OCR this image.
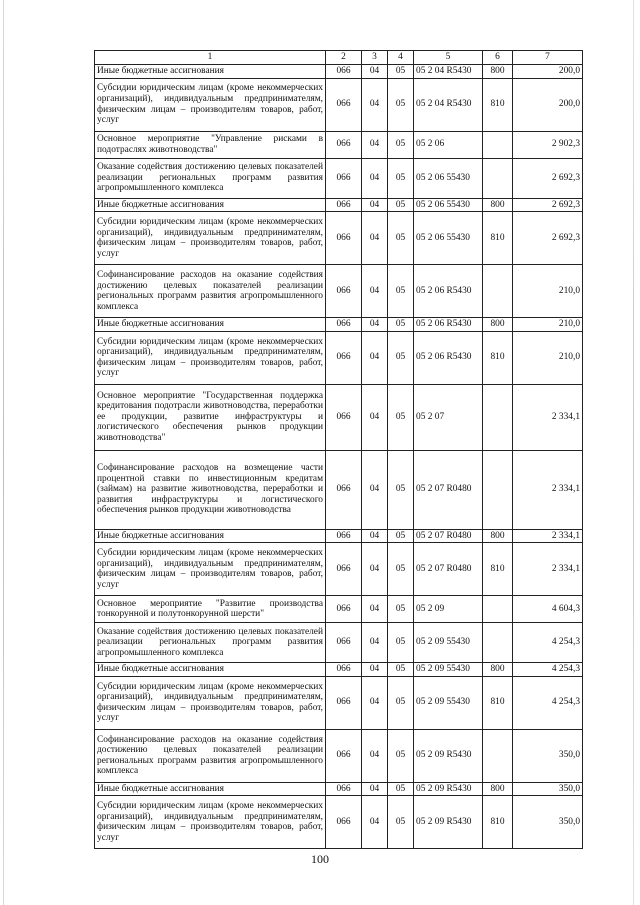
1	2	3	4	5	6	7
Иные бюджетные ассигнования	066	04	05	05 2 04 R5430	800	200,0
Субсидии юридическим лицам (кроме некоммерческих организаций), индивидуальным предпринимателям, физическим лицам – производителям товаров, работ, услуг	066	04	05	05 2 04 R5430	810	200,0
Основное мероприятие "Управление рисками в подотраслях животноводства"	066	04	05	05 2 06		2 902,3
Оказание содействия достижению целевых показателей реализации региональных программ развития агропромышленного комплекса	066	04	05	05 2 06 55430		2 692,3
Иные бюджетные ассигнования	066	04	05	05 2 06 55430	800	2 692,3
Субсидии юридическим лицам (кроме некоммерческих организаций), индивидуальным предпринимателям, физическим лицам – производителям товаров, работ, услуг	066	04	05	05 2 06 55430	810	2 692,3
Софинансирование расходов на оказание содействия достижению целевых показателей реализации региональных программ развития агропромышленного комплекса	066	04	05	05 2 06 R5430		210,0
Иные бюджетные ассигнования	066	04	05	05 2 06 R5430	800	210,0
Субсидии юридическим лицам (кроме некоммерческих организаций), индивидуальным предпринимателям, физическим лицам – производителям товаров, работ, услуг	066	04	05	05 2 06 R5430	810	210,0
Основное мероприятие "Государственная поддержка кредитования подотрасли животноводства, переработки ее продукции, развитие инфраструктуры и логистического обеспечения рынков продукции животноводства"	066	04	05	05 2 07		2 334,1
Софинансирование расходов на возмещение части процентной ставки по инвестиционным кредитам (займам) на развитие животноводства, переработки и развития инфраструктуры и логистического обеспечения рынков продукции животноводства	066	04	05	05 2 07 R0480		2 334,1
Иные бюджетные ассигнования	066	04	05	05 2 07 R0480	800	2 334,1
Субсидии юридическим лицам (кроме некоммерческих организаций), индивидуальным предпринимателям, физическим лицам – производителям товаров, работ, услуг	066	04	05	05 2 07 R0480	810	2 334,1
Основное мероприятие "Развитие производства тонкорунной и полутонкорунной шерсти"	066	04	05	05 2 09		4 604,3
Оказание содействия достижению целевых показателей реализации региональных программ развития агропромышленного комплекса	066	04	05	05 2 09 55430		4 254,3
Иные бюджетные ассигнования	066	04	05	05 2 09 55430	800	4 254,3
Субсидии юридическим лицам (кроме некоммерческих организаций), индивидуальным предпринимателям, физическим лицам – производителям товаров, работ, услуг	066	04	05	05 2 09 55430	810	4 254,3
Софинансирование расходов на оказание содействия достижению целевых показателей реализации региональных программ развития агропромышленного комплекса	066	04	05	05 2 09 R5430		350,0
Иные бюджетные ассигнования	066	04	05	05 2 09 R5430	800	350,0
Субсидии юридическим лицам (кроме некоммерческих организаций), индивидуальным предпринимателям, физическим лицам – производителям товаров, работ, услуг	066	04	05	05 2 09 R5430	810	350,0
100
